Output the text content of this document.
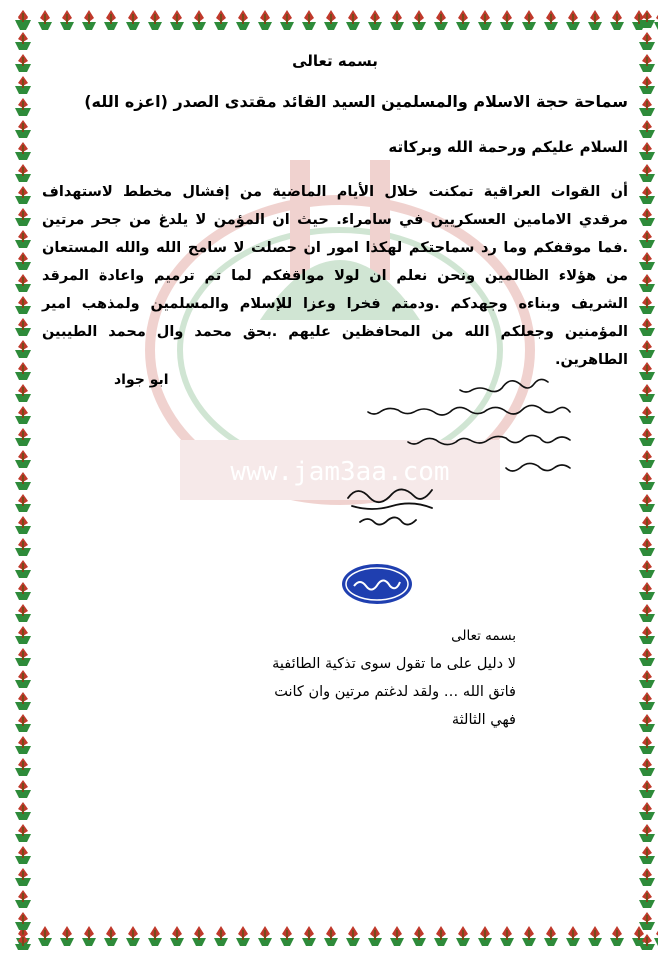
www.jam3aa.com
بسمه تعالى
سماحة حجة الاسلام والمسلمين السيد القائد مقتدى الصدر (اعزه الله)
السلام عليكم ورحمة الله وبركاته
أن القوات العراقية تمكنت خلال الأيام الماضية من إفشال مخطط لاستهداف مرقدي الامامين العسكريين في سامراء. حيث ان المؤمن لا يلدغ من جحر مرتين .فما موقفكم وما رد سماحتكم لهكذا امور ان حصلت لا سامح الله والله المستعان من هؤلاء الظالمين ونحن نعلم ان لولا مواقفكم لما تم ترميم واعادة المرقد الشريف وبناءه وجهدكم .ودمتم فخرا وعزا للإسلام والمسلمين ولمذهب امير المؤمنين وجعلكم الله من المحافظين عليهم .بحق محمد وال محمد الطيبين الطاهرين.
ابو جواد
بسمه تعالى
لا دليل على ما تقول سوى تذكية الطائفية
فاتق الله … ولقد لدغتم مرتين وان كانت
فهي الثالثة
